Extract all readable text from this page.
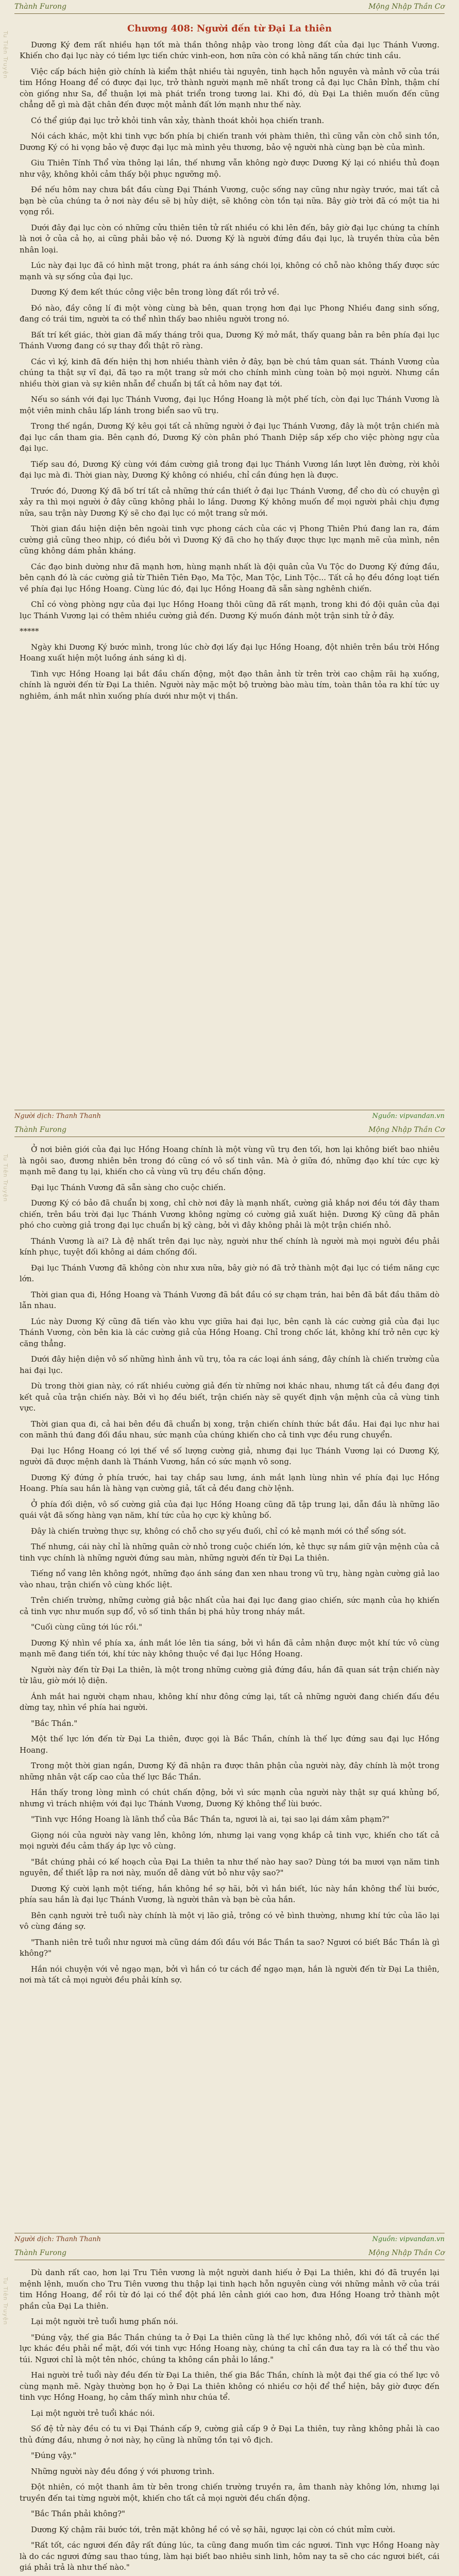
Thành Furong	Mộng Nhập Thần Cơ
Tu Tiên Truyện
Chương 408: Người đến từ Đại La thiên

Dương Ký đem rất nhiều hạn tốt mà thần thông nhập vào trong lòng đất của đại lục Thánh Vương. Khiến cho đại lục này có tiềm lực tiến chức vinh-eon, hơn nữa còn có khả năng tấn chức tinh cầu.

Việc cấp bách hiện giờ chính là kiểm thật nhiều tài nguyên, tinh hạch hỗn nguyên và mảnh vỡ của trái tim Hồng Hoang để có được đại lục, trở thành người mạnh mẽ nhất trong cả đại lục Chân Đỉnh, thậm chí còn giống như Sa, để thuận lợi mà phát triển trong tương lai. Khi đó, dù Đại La thiên muốn đến cũng chẳng dễ gì mà đặt chân đến được một mảnh đất lớn mạnh như thế này.

Có thể giúp đại lục trở khỏi tinh vân xảy, thành thoát khỏi họa chiến tranh.

Nói cách khác, một khi tinh vực bốn phía bị chiến tranh với phàm thiên, thì cũng vẫn còn chỗ sinh tồn, Dương Ký có hi vọng bảo vệ được đại lục mà mình yêu thương, bảo vệ người nhà cùng bạn bè của mình.

Giu Thiên Tính Thổ vừa thông lại lần, thế nhưng vẫn không ngờ được Dương Ký lại có nhiều thủ đoạn như vậy, không khỏi cảm thấy bội phục ngưỡng mộ.

Đề nếu hôm nay chưa bắt đầu cùng Đại Thánh Vương, cuộc sống nay cũng như ngày trước, mai tất cả bạn bè của chúng ta ở nơi này đều sẽ bị hủy diệt, sẽ không còn tồn tại nữa. Bây giờ trời đã có một tia hi vọng rồi.

Dưới đây đại lục còn có những cửu thiên tiên tử rất nhiều có khi lên đến, bây giờ đại lục chúng ta chính là nơi ở của cả họ, ai cũng phải bảo vệ nó. Dương Ký là người đứng đầu đại lục, là truyền thừa của bên nhân loại.

Lúc này đại lục đã có hình mặt trong, phát ra ánh sáng chói lọi, không có chỗ nào không thấy được sức mạnh và sự sống của đại lục.

Dương Ký đem kết thúc công việc bên trong lòng đất rồi trở về.

Đó nào, đầy công lí đi một vòng cùng bà bên, quan trọng hơn đại lục Phong Nhiều đang sinh sống, đang có trái tim, người ta có thể nhìn thấy bao nhiêu người trong nó.

Bất trí kết giác, thời gian đã mấy tháng trôi qua, Dương Ký mở mắt, thấy quang bản ra bên phía đại lục Thánh Vương đang có sự thay đổi thật rõ ràng.

Các vì ký, kinh đã đến hiện thị hơn nhiều thành viên ở đây, bạn bè chú tâm quan sát. Thánh Vương của chúng ta thật sự vĩ đại, đã tạo ra một trang sử mới cho chính mình cùng toàn bộ mọi người. Nhưng cần nhiều thời gian và sự kiên nhẫn để chuẩn bị tất cả hôm nay đạt tới.

Nếu so sánh với đại lục Thánh Vương, đại lục Hồng Hoang là một phế tích, còn đại lục Thánh Vương là một viên minh châu lấp lánh trong biển sao vũ trụ.

Trong thế ngắn, Dương Ký kêu gọi tất cả những người ở đại lục Thánh Vương, đây là một trận chiến mà đại lục cần tham gia. Bên cạnh đó, Dương Ký còn phân phó Thanh Diệp sắp xếp cho việc phòng ngự của đại lục.

Tiếp sau đó, Dương Ký cùng với đám cường giả trong đại lục Thánh Vương lần lượt lên đường, rời khỏi đại lục mà đi. Thời gian này, Dương Ký không có nhiều, chỉ cần đúng hẹn là được.

Trước đó, Dương Ký đã bố trí tất cả những thứ cần thiết ở đại lục Thánh Vương, để cho dù có chuyện gì xảy ra thì mọi người ở đây cũng không phải lo lắng. Dương Ký không muốn để mọi người phải chịu đựng nữa, sau trận này Dương Ký sẽ cho đại lục có một trang sử mới.

Thời gian đầu hiện diện bên ngoài tinh vực phong cách của các vị Phong Thiên Phú đang lan ra, đám cường giả cũng theo nhịp, có điều bởi vì Dương Ký đã cho họ thấy được thực lực mạnh mẽ của mình, nên cũng không dám phản kháng.

Các đạo binh dường như đã mạnh hơn, hùng mạnh nhất là đội quân của Vu Tộc do Dương Ký đứng đầu, bên cạnh đó là các cường giả từ Thiên Tiên Đạo, Ma Tộc, Man Tộc, Linh Tộc... Tất cả họ đều đồng loạt tiến về phía đại lục Hồng Hoang. Cùng lúc đó, đại lục Hồng Hoang đã sẵn sàng nghênh chiến.

Chỉ có vòng phòng ngự của đại lục Hồng Hoang thôi cũng đã rất mạnh, trong khi đó đội quân của đại lục Thánh Vương lại có thêm nhiều cường giả đến. Dương Ký muốn đánh một trận sinh tử ở đây.

*****

Ngày khi Dương Ký bước mình, trong lúc chờ đợi lấy đại lục Hồng Hoang, đột nhiên trên bầu trời Hồng Hoang xuất hiện một luồng ánh sáng kì dị.

Tinh vực Hồng Hoang lại bắt đầu chấn động, một đạo thân ảnh từ trên trời cao chậm rãi hạ xuống, chính là người đến từ Đại La thiên. Người này mặc một bộ trường bào màu tím, toàn thân tỏa ra khí tức uy nghiêm, ánh mắt nhìn xuống phía dưới như một vị thần.

Người dịch: Thanh Thanh	Nguồn: vipvandan.vn
Thành Furong	Mộng Nhập Thần Cơ
Tu Tiên Truyện

Ở nơi biên giới của đại lục Hồng Hoang chính là một vùng vũ trụ đen tối, hơn lại không biết bao nhiêu là ngôi sao, đương nhiên bên trong đó cũng có vô số tinh vân. Mà ở giữa đó, những đạo khí tức cực kỳ mạnh mẽ đang tụ lại, khiến cho cả vùng vũ trụ đều chấn động.

Đại lục Thánh Vương đã sẵn sàng cho cuộc chiến.

Dương Ký có bảo đã chuẩn bị xong, chỉ chờ nơi đây là mạnh nhất, cường giả khắp nơi đều tới đây tham chiến, trên bầu trời đại lục Thánh Vương không ngừng có cường giả xuất hiện. Dương Ký cũng đã phân phó cho cường giả trong đại lục chuẩn bị kỹ càng, bởi vì đây không phải là một trận chiến nhỏ.

Thánh Vương là ai? Là đệ nhất trên đại lục này, người như thế chính là người mà mọi người đều phải kính phục, tuyệt đối không ai dám chống đối.

Đại lục Thánh Vương đã không còn như xưa nữa, bây giờ nó đã trở thành một đại lục có tiềm năng cực lớn.

Thời gian qua đi, Hồng Hoang và Thánh Vương đã bắt đầu có sự chạm trán, hai bên đã bắt đầu thăm dò lẫn nhau.

Lúc này Dương Ký cũng đã tiến vào khu vực giữa hai đại lục, bên cạnh là các cường giả của đại lục Thánh Vương, còn bên kia là các cường giả của Hồng Hoang. Chỉ trong chốc lát, không khí trở nên cực kỳ căng thẳng.

Dưới đây hiện diện vô số những hình ảnh vũ trụ, tỏa ra các loại ánh sáng, đây chính là chiến trường của hai đại lục.

Dù trong thời gian này, có rất nhiều cường giả đến từ những nơi khác nhau, nhưng tất cả đều đang đợi kết quả của trận chiến này. Bởi vì họ đều biết, trận chiến này sẽ quyết định vận mệnh của cả vùng tinh vực.

Thời gian qua đi, cả hai bên đều đã chuẩn bị xong, trận chiến chính thức bắt đầu. Hai đại lục như hai con mãnh thú đang đối đầu nhau, sức mạnh của chúng khiến cho cả tinh vực đều rung chuyển.

Đại lục Hồng Hoang có lợi thế về số lượng cường giả, nhưng đại lục Thánh Vương lại có Dương Ký, người đã được mệnh danh là Thánh Vương, hắn có sức mạnh vô song.

Dương Ký đứng ở phía trước, hai tay chắp sau lưng, ánh mắt lạnh lùng nhìn về phía đại lục Hồng Hoang. Phía sau hắn là hàng vạn cường giả, tất cả đều đang chờ lệnh.

Ở phía đối diện, vô số cường giả của đại lục Hồng Hoang cũng đã tập trung lại, dẫn đầu là những lão quái vật đã sống hàng vạn năm, khí tức của họ cực kỳ khủng bố.

Đây là chiến trường thực sự, không có chỗ cho sự yếu đuối, chỉ có kẻ mạnh mới có thể sống sót.

Thế nhưng, cái này chỉ là những quân cờ nhỏ trong cuộc chiến lớn, kẻ thực sự nắm giữ vận mệnh của cả tinh vực chính là những người đứng sau màn, những người đến từ Đại La thiên.

Tiếng nổ vang lên không ngớt, những đạo ánh sáng đan xen nhau trong vũ trụ, hàng ngàn cường giả lao vào nhau, trận chiến vô cùng khốc liệt.

Trên chiến trường, những cường giả bậc nhất của hai đại lục đang giao chiến, sức mạnh của họ khiến cả tinh vực như muốn sụp đổ, vô số tinh thần bị phá hủy trong nháy mắt.

"Cuối cùng cũng tới lúc rồi."

Dương Ký nhìn về phía xa, ánh mắt lóe lên tia sáng, bởi vì hắn đã cảm nhận được một khí tức vô cùng mạnh mẽ đang tiến tới, khí tức này không thuộc về đại lục Hồng Hoang.

Người này đến từ Đại La thiên, là một trong những cường giả đứng đầu, hắn đã quan sát trận chiến này từ lâu, giờ mới lộ diện.

Ánh mắt hai người chạm nhau, không khí như đông cứng lại, tất cả những người đang chiến đấu đều dừng tay, nhìn về phía hai người.

"Bắc Thần."

Một thế lực lớn đến từ Đại La thiên, được gọi là Bắc Thần, chính là thế lực đứng sau đại lục Hồng Hoang.

Trong một thời gian ngắn, Dương Ký đã nhận ra được thân phận của người này, đây chính là một trong những nhân vật cấp cao của thế lực Bắc Thần.

Hắn thấy trong lòng mình có chút chấn động, bởi vì sức mạnh của người này thật sự quá khủng bố, nhưng vì trách nhiệm với đại lục Thánh Vương, Dương Ký không thể lùi bước.

"Tinh vực Hồng Hoang là lãnh thổ của Bắc Thần ta, ngươi là ai, tại sao lại dám xâm phạm?"

Giọng nói của người này vang lên, không lớn, nhưng lại vang vọng khắp cả tinh vực, khiến cho tất cả mọi người đều cảm thấy áp lực vô cùng.

"Bắt chúng phải có kế hoạch của Đại La thiên ta như thế nào hay sao? Dùng tới ba mươi vạn năm tinh nguyên, để thiết lập ra nơi này, muốn dễ dàng vứt bỏ như vậy sao?"

Dương Ký cười lạnh một tiếng, hắn không hề sợ hãi, bởi vì hắn biết, lúc này hắn không thể lùi bước, phía sau hắn là đại lục Thánh Vương, là người thân và bạn bè của hắn.

Bên cạnh người trẻ tuổi này chính là một vị lão giả, trông có vẻ bình thường, nhưng khí tức của lão lại vô cùng đáng sợ.

"Thanh niên trẻ tuổi như ngươi mà cũng dám đối đầu với Bắc Thần ta sao? Ngươi có biết Bắc Thần là gì không?"

Hắn nói chuyện với vẻ ngạo mạn, bởi vì hắn có tư cách để ngạo mạn, hắn là người đến từ Đại La thiên, nơi mà tất cả mọi người đều phải kính sợ.

Người dịch: Thanh Thanh	Nguồn: vipvandan.vn
Thành Furong	Mộng Nhập Thần Cơ
Tu Tiên Truyện

Dù danh rất cao, hơn lại Tru Tiên vương là một người danh hiếu ở Đại La thiên, khi đó đã truyền lại mệnh lệnh, muốn cho Tru Tiên vương thu thập lại tinh hạch hỗn nguyên cùng với những mảnh vỡ của trái tim Hồng Hoang, để rồi từ đó lại có thể đột phá lên cảnh giới cao hơn, đưa Hồng Hoang trở thành một phần của Đại La thiên.

Lại một người trẻ tuổi hưng phấn nói.

"Đúng vậy, thế gia Bắc Thần chúng ta ở Đại La thiên cũng là thế lực không nhỏ, đối với tất cả các thế lực khác đều phải nể mặt, đối với tinh vực Hồng Hoang này, chúng ta chỉ cần đưa tay ra là có thể thu vào túi. Ngươi chỉ là một tên nhóc, chúng ta không cần phải lo lắng."

Hai người trẻ tuổi này đều đến từ Đại La thiên, thế gia Bắc Thần, chính là một đại thế gia có thế lực vô cùng mạnh mẽ. Ngày thường bọn họ ở Đại La thiên không có nhiều cơ hội để thể hiện, bây giờ được đến tinh vực Hồng Hoang, họ cảm thấy mình như chúa tể.

Lại một người trẻ tuổi khác nói.

Số đệ tử này đều có tu vi Đại Thánh cấp 9, cường giả cấp 9 ở Đại La thiên, tuy rằng không phải là cao thủ đứng đầu, nhưng ở nơi này, họ cũng là những tồn tại vô địch.

"Đúng vậy."

Những người này đều đồng ý với phương trình.

Đột nhiên, có một thanh âm từ bên trong chiến trường truyền ra, âm thanh này không lớn, nhưng lại truyền đến tai từng người một, khiến cho tất cả mọi người đều chấn động.

"Bắc Thần phải không?"

Dương Ký chậm rãi bước tới, trên mặt không hề có vẻ sợ hãi, ngược lại còn có chút mỉm cười.

"Rất tốt, các ngươi đến đây rất đúng lúc, ta cũng đang muốn tìm các ngươi. Tinh vực Hồng Hoang này là do các ngươi đứng sau thao túng, làm hại biết bao nhiêu sinh linh, hôm nay ta sẽ cho các ngươi biết, cái giá phải trả là như thế nào."
